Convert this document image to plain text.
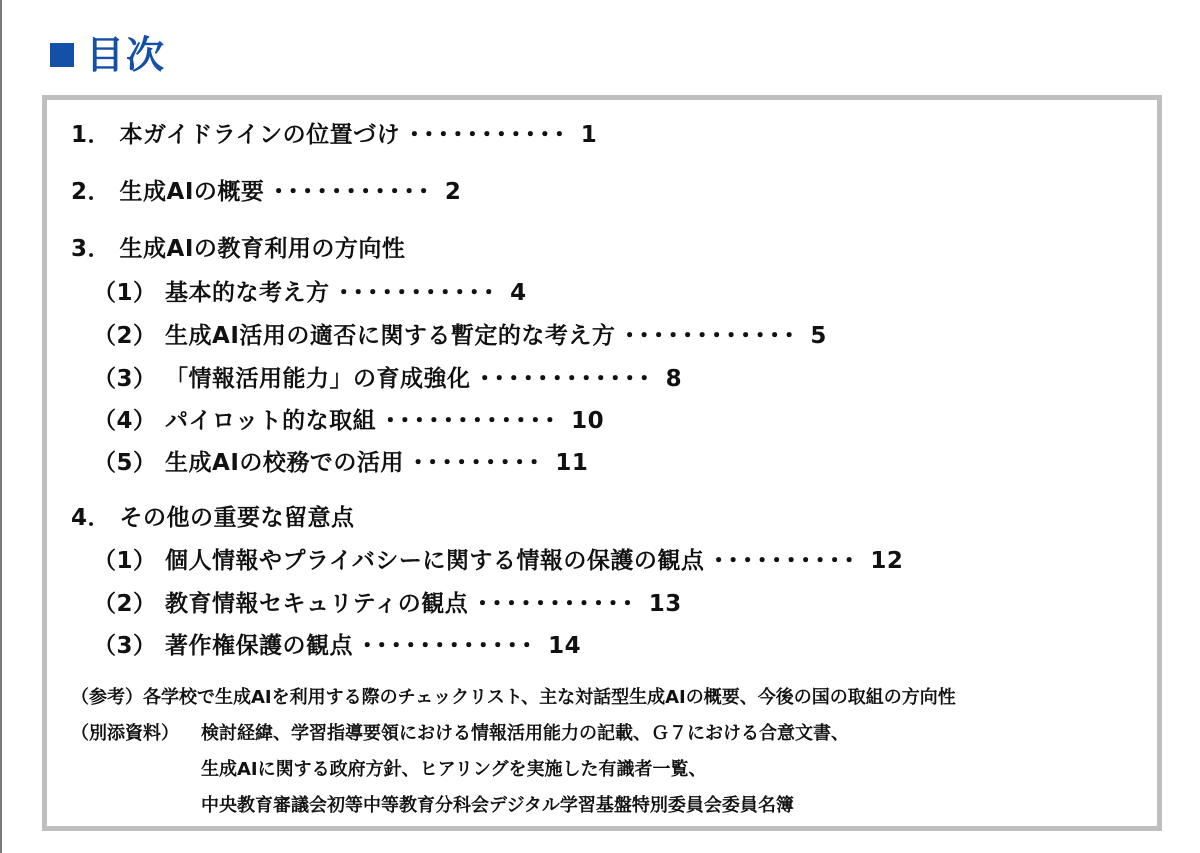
目次
1． 本ガイドラインの位置づけ ･･･････････ 1
2． 生成AIの概要 ･･･････････ 2
3． 生成AIの教育利用の方向性
（1） 基本的な考え方 ･･･････････ 4
（2） 生成AI活用の適否に関する暫定的な考え方 ････････････ 5
（3） 「情報活用能力」の育成強化 ････････････ 8
（4） パイロット的な取組 ････････････ 10
（5） 生成AIの校務での活用 ･････････ 11
4． その他の重要な留意点
（1） 個人情報やプライバシーに関する情報の保護の観点 ･･････････ 12
（2） 教育情報セキュリティの観点 ･･･････････ 13
（3） 著作権保護の観点 ････････････ 14
（参考）各学校で生成AIを利用する際のチェックリスト、主な対話型生成AIの概要、今後の国の取組の方向性
（別添資料） 検討経緯、学習指導要領における情報活用能力の記載、Ｇ７における合意文書、
生成AIに関する政府方針、ヒアリングを実施した有識者一覧、
中央教育審議会初等中等教育分科会デジタル学習基盤特別委員会委員名簿
